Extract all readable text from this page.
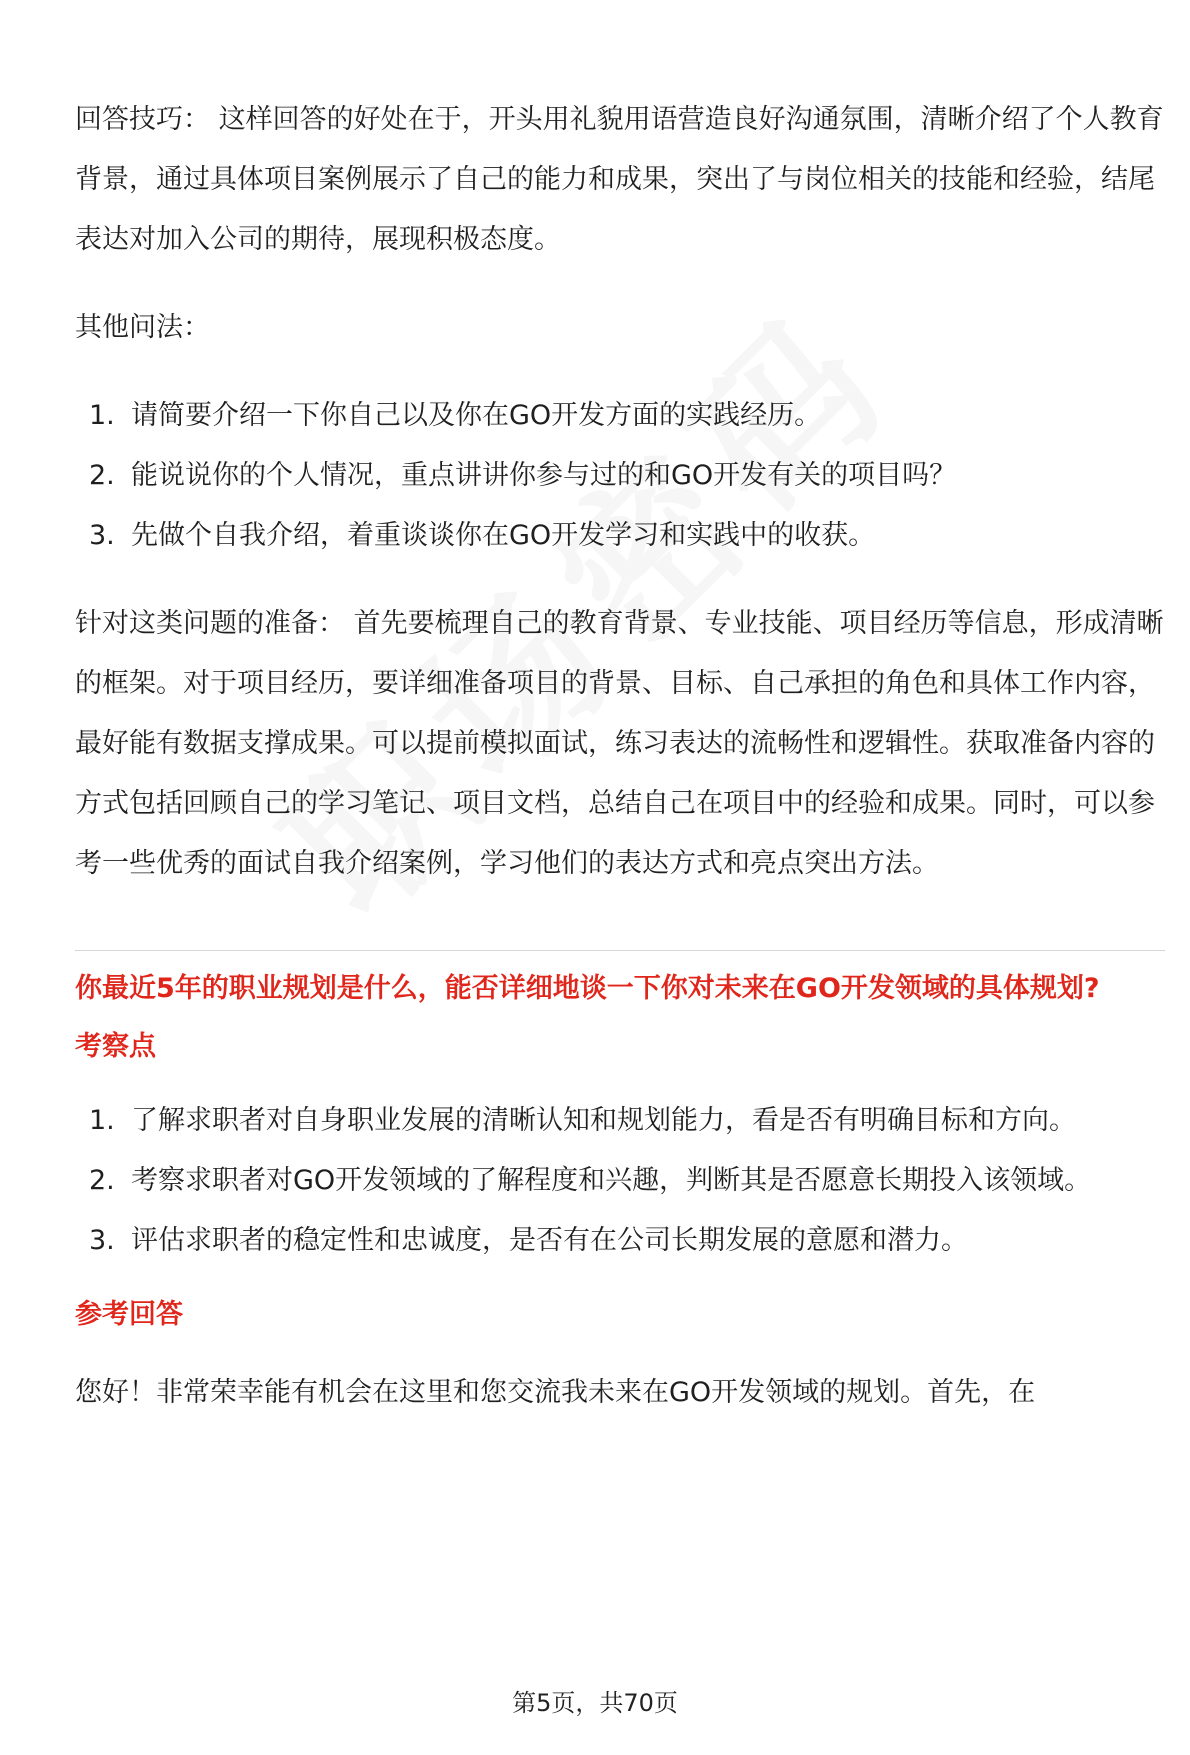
回答技巧： 这样回答的好处在于，开头用礼貌用语营造良好沟通氛围，清晰介绍了个人教育背景，通过具体项目案例展示了自己的能力和成果，突出了与岗位相关的技能和经验，结尾表达对加入公司的期待，展现积极态度。

其他问法：

1. 请简要介绍一下你自己以及你在GO开发方面的实践经历。
2. 能说说你的个人情况，重点讲讲你参与过的和GO开发有关的项目吗？
3. 先做个自我介绍，着重谈谈你在GO开发学习和实践中的收获。

针对这类问题的准备： 首先要梳理自己的教育背景、专业技能、项目经历等信息，形成清晰的框架。对于项目经历，要详细准备项目的背景、目标、自己承担的角色和具体工作内容，最好能有数据支撑成果。可以提前模拟面试，练习表达的流畅性和逻辑性。获取准备内容的方式包括回顾自己的学习笔记、项目文档，总结自己在项目中的经验和成果。同时，可以参考一些优秀的面试自我介绍案例，学习他们的表达方式和亮点突出方法。

你最近5年的职业规划是什么，能否详细地谈一下你对未来在GO开发领域的具体规划?
考察点
1. 了解求职者对自身职业发展的清晰认知和规划能力，看是否有明确目标和方向。
2. 考察求职者对GO开发领域的了解程度和兴趣，判断其是否愿意长期投入该领域。
3. 评估求职者的稳定性和忠诚度，是否有在公司长期发展的意愿和潜力。
参考回答

您好！非常荣幸能有机会在这里和您交流我未来在GO开发领域的规划。首先，在

第5页，共70页
